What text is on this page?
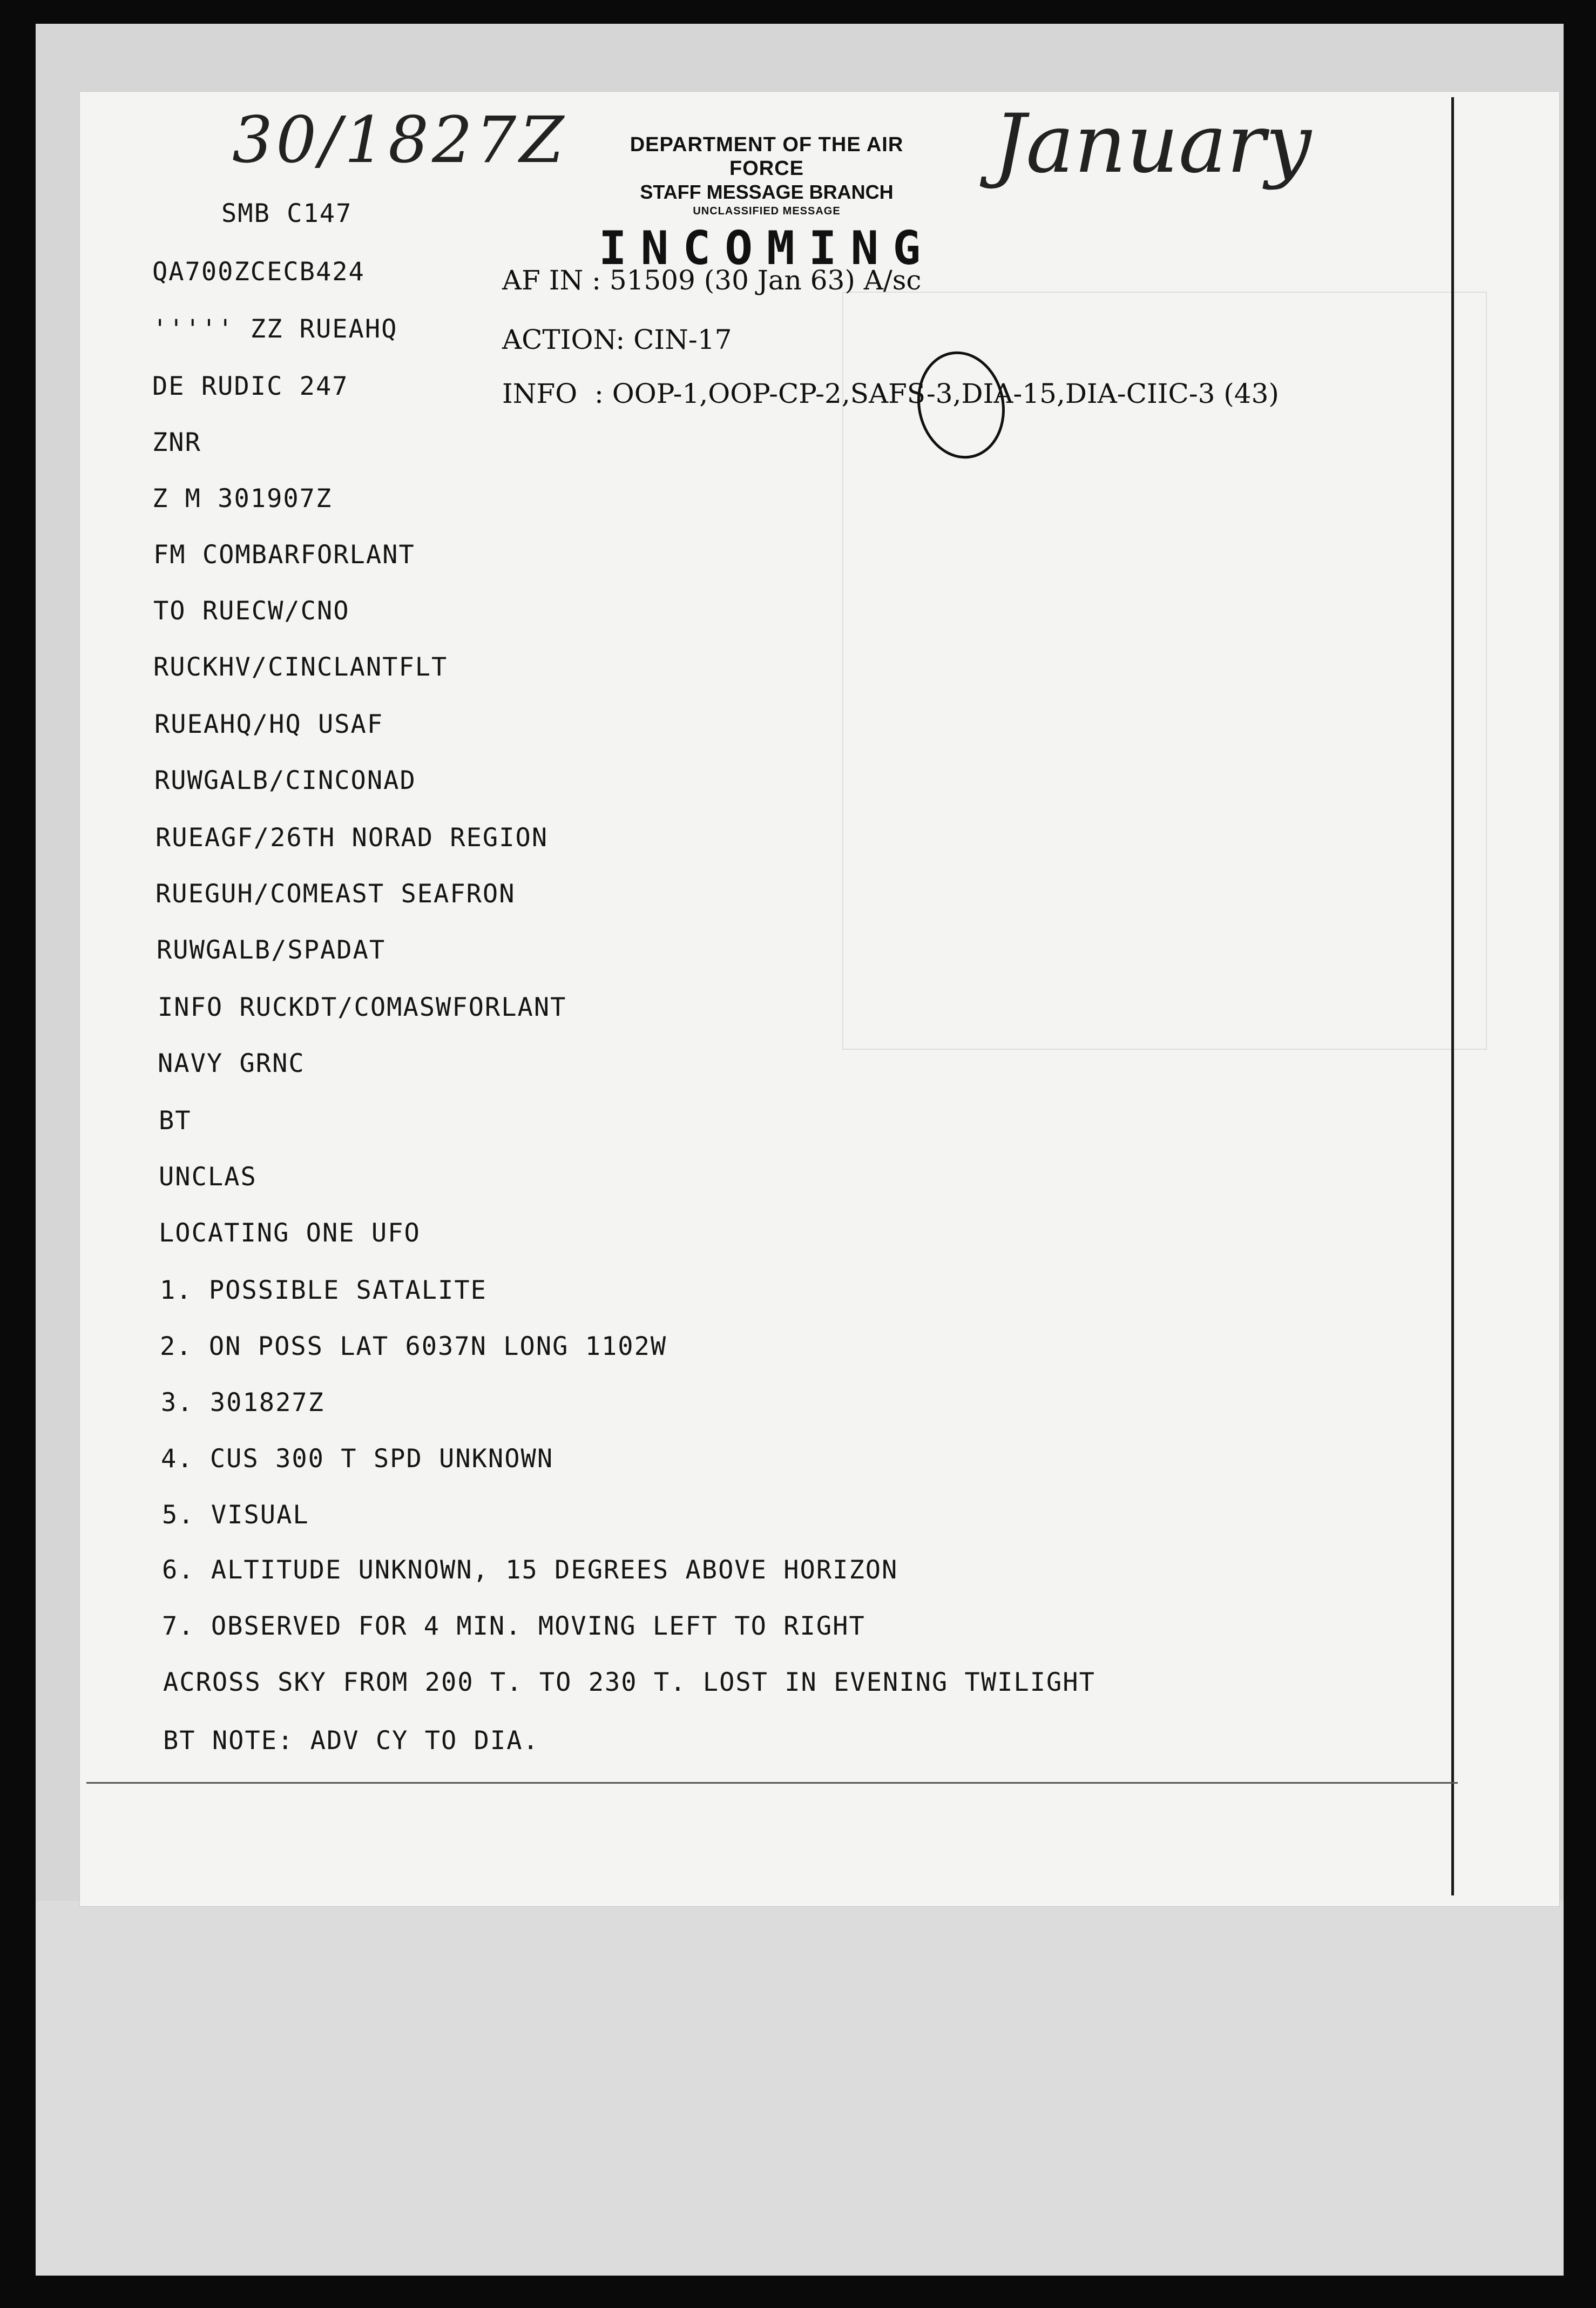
30/1827Z	January
DEPARTMENT OF THE AIR FORCE
STAFF MESSAGE BRANCH
UNCLASSIFIED MESSAGE
INCOMING
AF IN : 51509 (30 Jan 63) A/sc
ACTION: CIN-17
INFO  : OOP-1,OOP-CP-2,SAFS-3,DIA-15,DIA-CIIC-3 (43)
SMB C147
QA700ZCECB424
''''' ZZ RUEAHQ
DE RUDIC 247
ZNR
Z M 301907Z
FM COMBARFORLANT
TO RUECW/CNO
RUCKHV/CINCLANTFLT
RUEAHQ/HQ USAF
RUWGALB/CINCONAD
RUEAGF/26TH NORAD REGION
RUEGUH/COMEAST SEAFRON
RUWGALB/SPADAT
INFO RUCKDT/COMASWFORLANT
NAVY GRNC
BT
UNCLAS
LOCATING ONE UFO
1. POSSIBLE SATALITE
2. ON POSS LAT 6037N LONG 1102W
3. 301827Z
4. CUS 300 T SPD UNKNOWN
5. VISUAL
6. ALTITUDE UNKNOWN, 15 DEGREES ABOVE HORIZON
7. OBSERVED FOR 4 MIN. MOVING LEFT TO RIGHT
ACROSS SKY FROM 200 T. TO 230 T. LOST IN EVENING TWILIGHT
BT NOTE: ADV CY TO DIA.
